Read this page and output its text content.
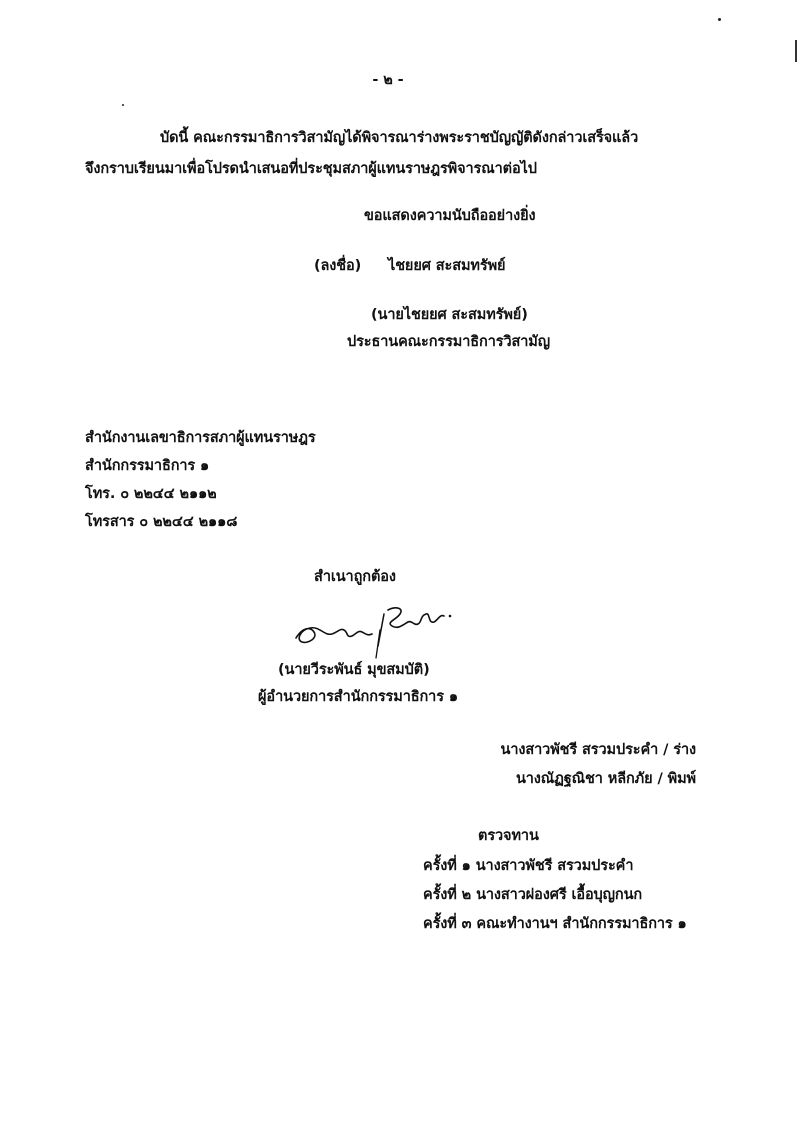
- ๒ -
บัดนี้ คณะกรรมาธิการวิสามัญได้พิจารณาร่างพระราชบัญญัติดังกล่าวเสร็จแล้ว
จึงกราบเรียนมาเพื่อโปรดนำเสนอที่ประชุมสภาผู้แทนราษฎรพิจารณาต่อไป
ขอแสดงความนับถืออย่างยิ่ง
(ลงชื่อ) ไชยยศ สะสมทรัพย์
(นายไชยยศ สะสมทรัพย์)
ประธานคณะกรรมาธิการวิสามัญ
สำนักงานเลขาธิการสภาผู้แทนราษฎร
สำนักกรรมาธิการ ๑
โทร. ๐ ๒๒๔๔ ๒๑๑๒
โทรสาร ๐ ๒๒๔๔ ๒๑๑๘
สำเนาถูกต้อง
(นายวีระพันธ์ มุขสมบัติ)
ผู้อำนวยการสำนักกรรมาธิการ ๑
นางสาวพัชรี สรวมประคำ / ร่าง
นางณัฏฐณิชา หลีกภัย / พิมพ์
ตรวจทาน
ครั้งที่ ๑ นางสาวพัชรี สรวมประคำ
ครั้งที่ ๒ นางสาวผ่องศรี เอื้อบุญกนก
ครั้งที่ ๓ คณะทำงานฯ สำนักกรรมาธิการ ๑
